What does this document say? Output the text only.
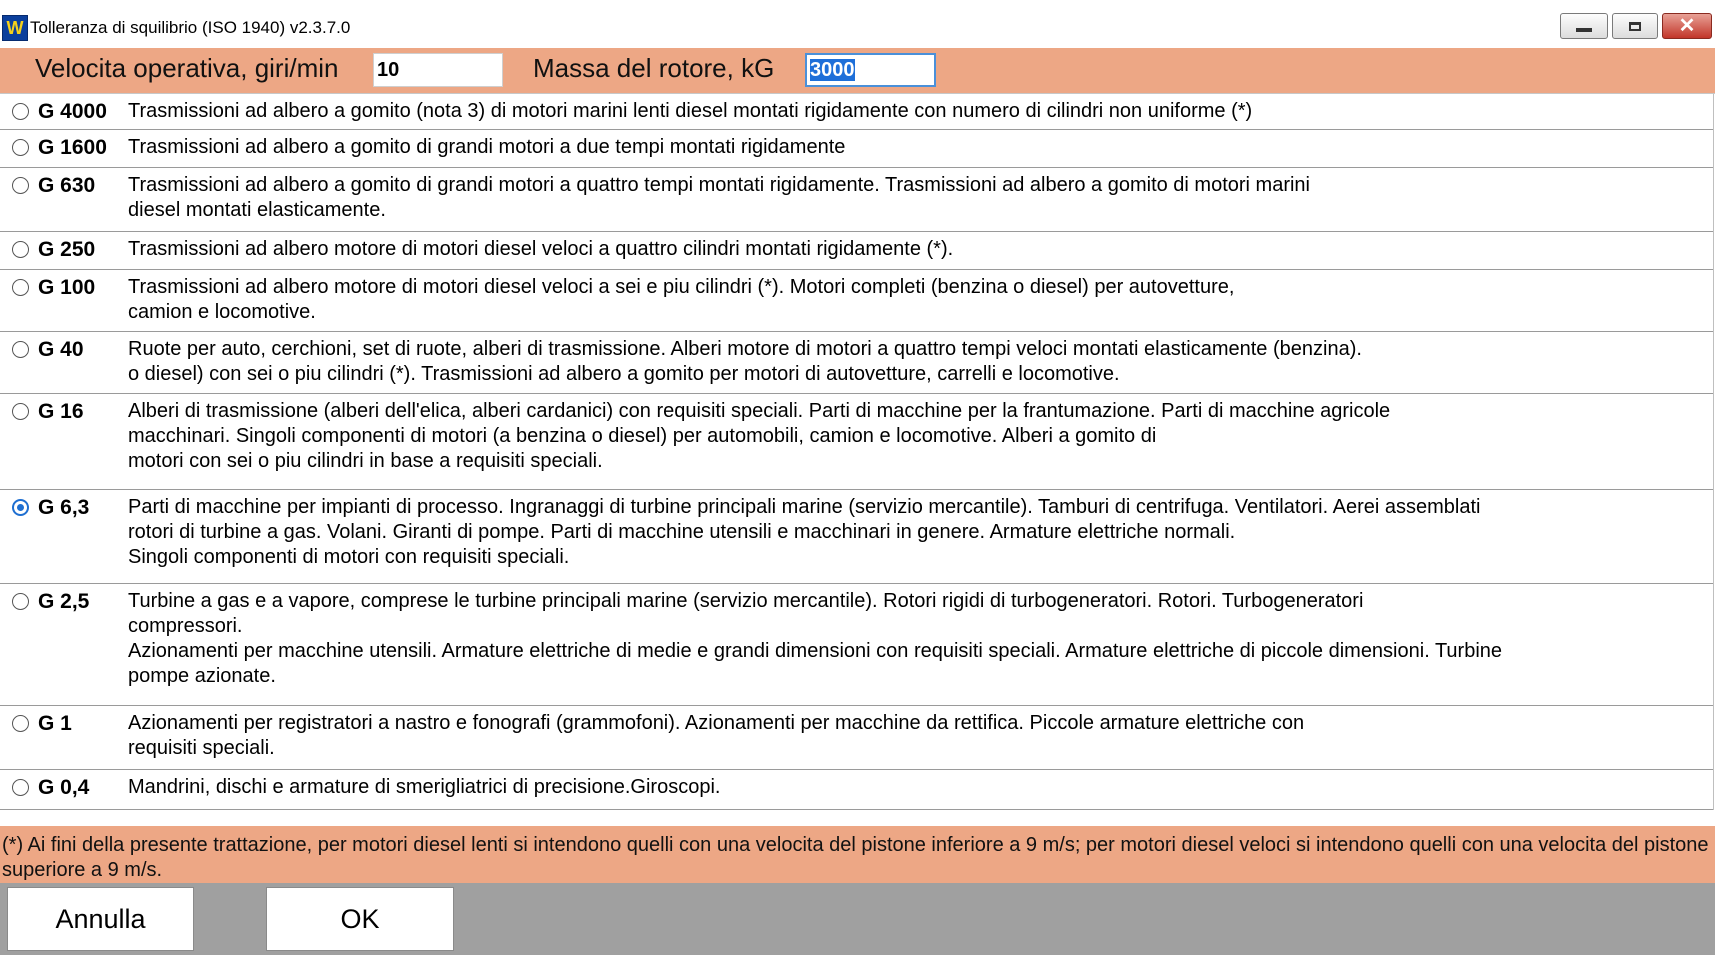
W Tolleranza di squilibrio (ISO 1940) v2.3.7.0	✕
Velocita operativa, giri/min 10	Massa del rotore, kG 3000
G 4000 Trasmissioni ad albero a gomito (nota 3) di motori marini lenti diesel montati rigidamente con numero di cilindri non uniforme (*)
G 1600 Trasmissioni ad albero a gomito di grandi motori a due tempi montati rigidamente
G 630 Trasmissioni ad albero a gomito di grandi motori a quattro tempi montati rigidamente. Trasmissioni ad albero a gomito di motori marini
diesel montati elasticamente.
G 250 Trasmissioni ad albero motore di motori diesel veloci a quattro cilindri montati rigidamente (*).
G 100 Trasmissioni ad albero motore di motori diesel veloci a sei e piu cilindri (*). Motori completi (benzina o diesel) per autovetture,
camion e locomotive.
G 40 Ruote per auto, cerchioni, set di ruote, alberi di trasmissione. Alberi motore di motori a quattro tempi veloci montati elasticamente (benzina).
o diesel) con sei o piu cilindri (*). Trasmissioni ad albero a gomito per motori di autovetture, carrelli e locomotive.
G 16 Alberi di trasmissione (alberi dell'elica, alberi cardanici) con requisiti speciali. Parti di macchine per la frantumazione. Parti di macchine agricole
macchinari. Singoli componenti di motori (a benzina o diesel) per automobili, camion e locomotive. Alberi a gomito di
motori con sei o piu cilindri in base a requisiti speciali.
G 6,3 Parti di macchine per impianti di processo. Ingranaggi di turbine principali marine (servizio mercantile). Tamburi di centrifuga. Ventilatori. Aerei assemblati
rotori di turbine a gas. Volani. Giranti di pompe. Parti di macchine utensili e macchinari in genere. Armature elettriche normali.
Singoli componenti di motori con requisiti speciali.
G 2,5 Turbine a gas e a vapore, comprese le turbine principali marine (servizio mercantile). Rotori rigidi di turbogeneratori. Rotori. Turbogeneratori
compressori.
Azionamenti per macchine utensili. Armature elettriche di medie e grandi dimensioni con requisiti speciali. Armature elettriche di piccole dimensioni. Turbine
pompe azionate.
G 1	Azionamenti per registratori a nastro e fonografi (grammofoni). Azionamenti per macchine da rettifica. Piccole armature elettriche con
requisiti speciali.
G 0,4 Mandrini, dischi e armature di smerigliatrici di precisione.Giroscopi.
(*) Ai fini della presente trattazione, per motori diesel lenti si intendono quelli con una velocita del pistone inferiore a 9 m/s; per motori diesel veloci si intendono quelli con una velocita del pistone superiore a 9 m/s.
Annulla	OK
